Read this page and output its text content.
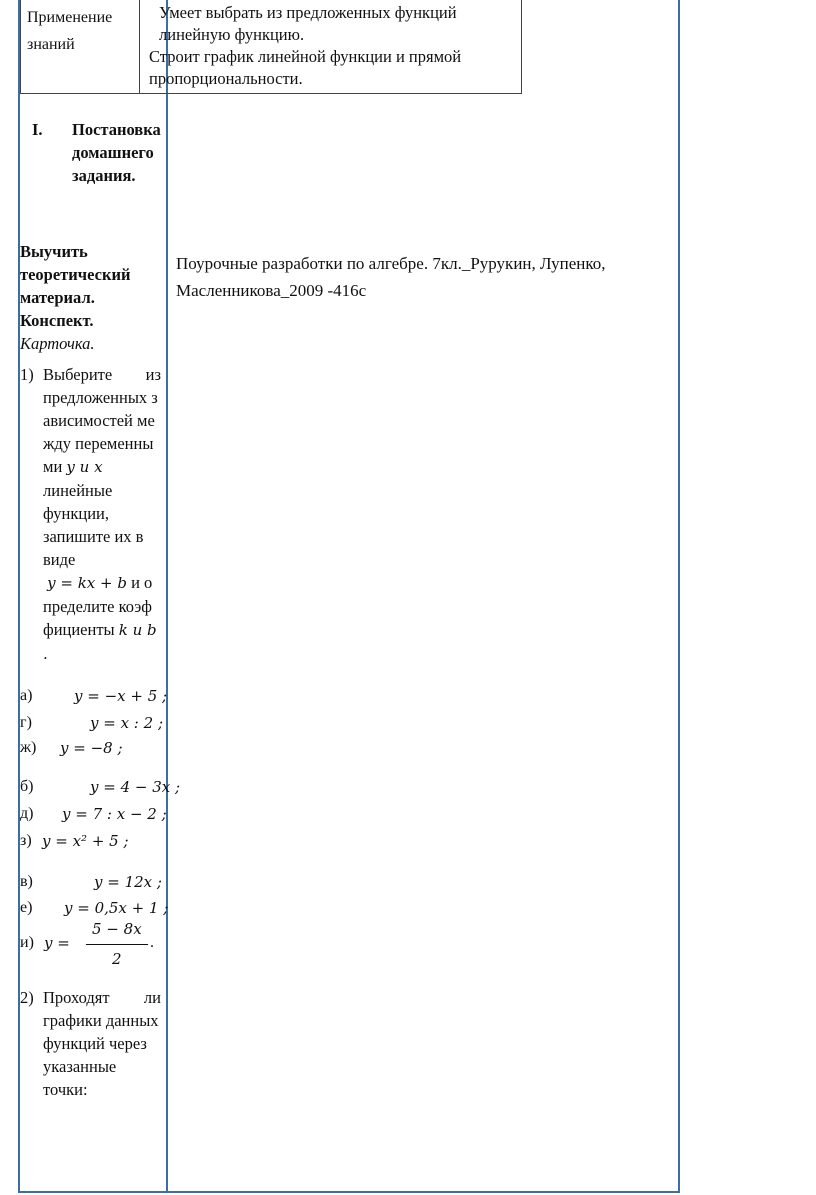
Применение знаний
Умеет выбрать из предложенных функций линейную функцию.
Строит график линейной функции и прямой пропорциональности.
I.	Постановка домашнего задания.
Выучить теоретический материал.
Конспект.
Карточка.
Поурочные разработки по алгебре. 7кл._Рурукин, Лупенко, Масленникова_2009 -416с
1) Выберите из
предложенных зависимостей между переменными y и x линейные функции, запишите их в виде
y = kx + b и определите коэффициенты k и b .
а)	y = −x + 5 ;
г)	y = x : 2 ;
ж) y = −8 ;
б)	y = 4 − 3x ;
д) y = 7 : x − 2 ;
з) y = x² + 5 ;
в)	y = 12x ;
е) y = 0,5x + 1 ;
и) y =
5 − 8x
2
.
2) Проходят ли
графики данных функций через указанные точки:
